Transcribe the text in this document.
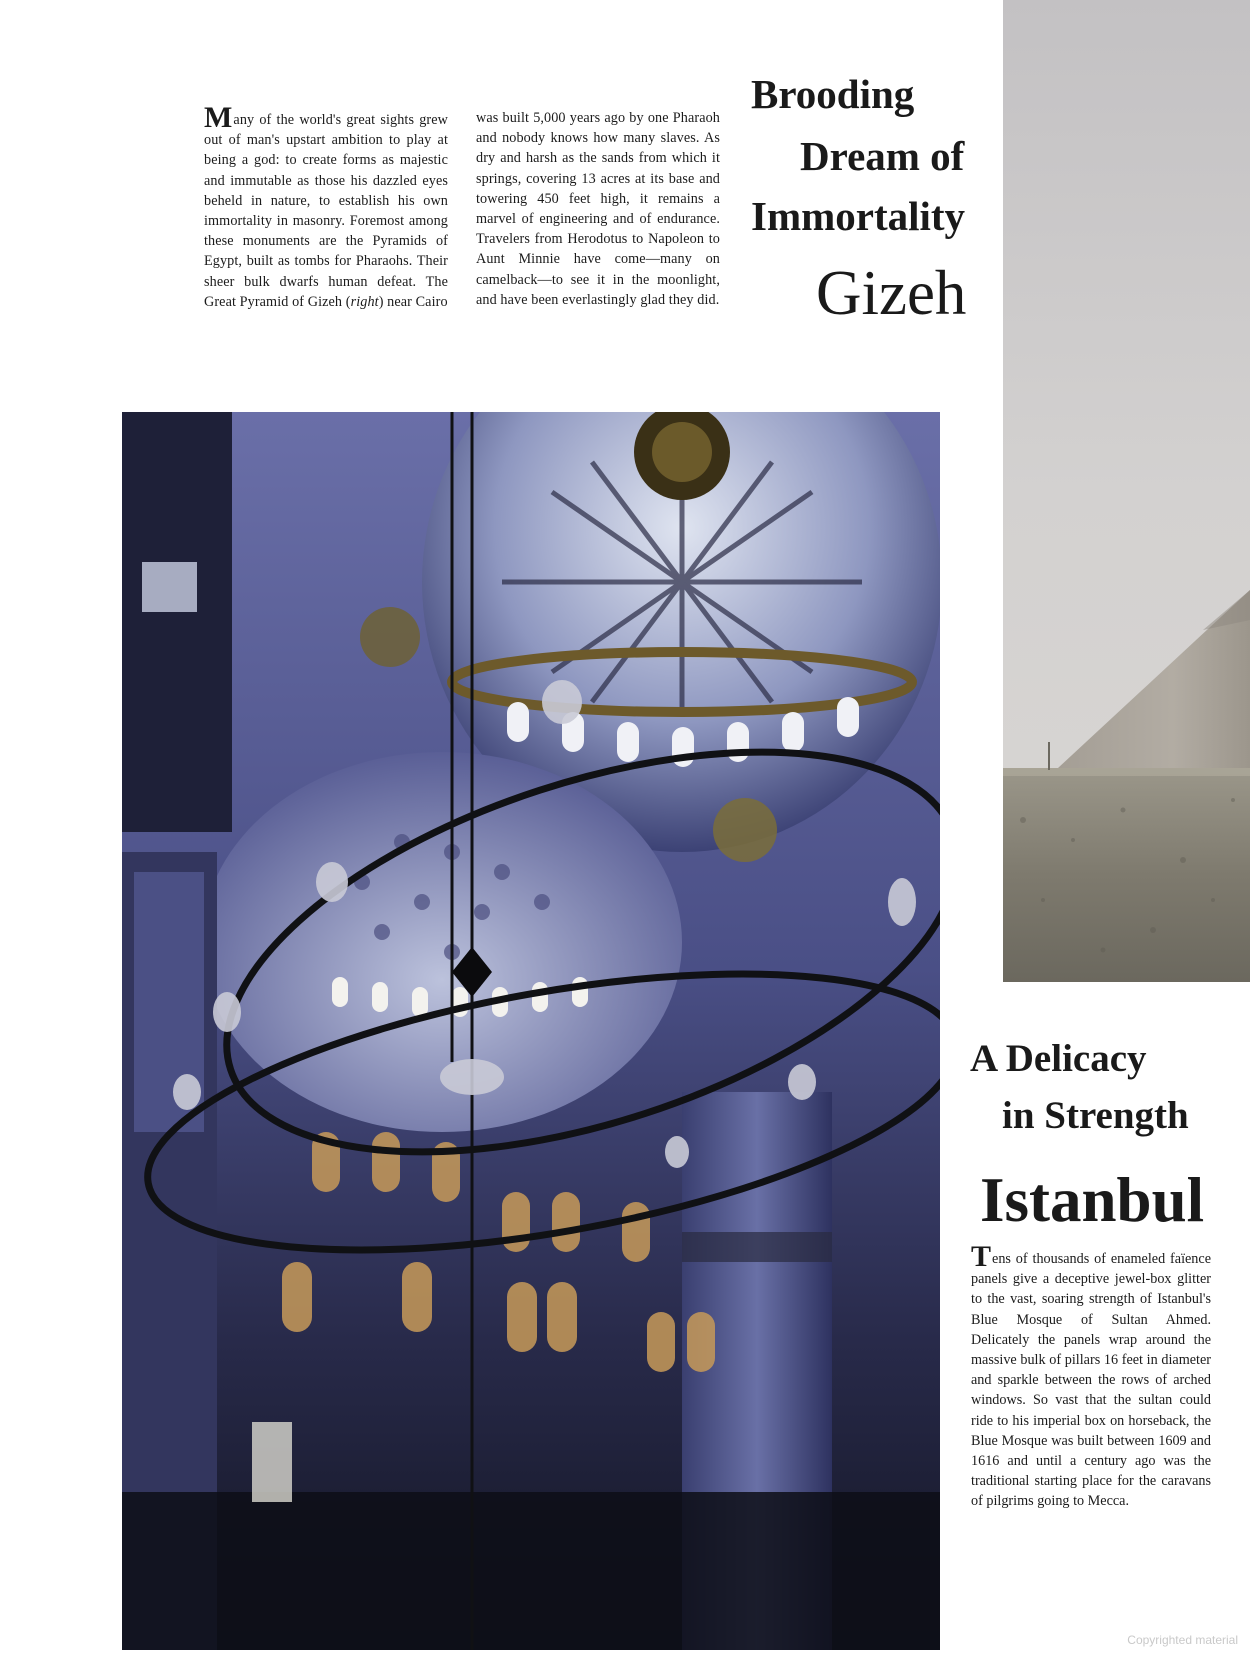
Many of the world's great sights grew out of man's upstart ambition to play at being a god: to create forms as majestic and immutable as those his dazzled eyes beheld in nature, to establish his own immortality in masonry. Foremost among these monuments are the Pyramids of Egypt, built as tombs for Pharaohs. Their sheer bulk dwarfs human defeat. The Great Pyramid of Gizeh (right) near Cairo
was built 5,000 years ago by one Pharaoh and nobody knows how many slaves. As dry and harsh as the sands from which it springs, covering 13 acres at its base and towering 450 feet high, it remains a marvel of engineering and of endurance. Travelers from Herodotus to Napoleon to Aunt Minnie have come—many on camelback—to see it in the moonlight, and have been everlastingly glad they did.
Brooding
Dream of
Immortality
Gizeh
A Delicacy
in Strength
Istanbul
Tens of thousands of enameled faïence panels give a deceptive jewel-box glitter to the vast, soaring strength of Istanbul's Blue Mosque of Sultan Ahmed. Delicately the panels wrap around the massive bulk of pillars 16 feet in diameter and sparkle between the rows of arched windows. So vast that the sultan could ride to his imperial box on horseback, the Blue Mosque was built between 1609 and 1616 and until a century ago was the traditional starting place for the caravans of pilgrims going to Mecca.
Copyrighted material
